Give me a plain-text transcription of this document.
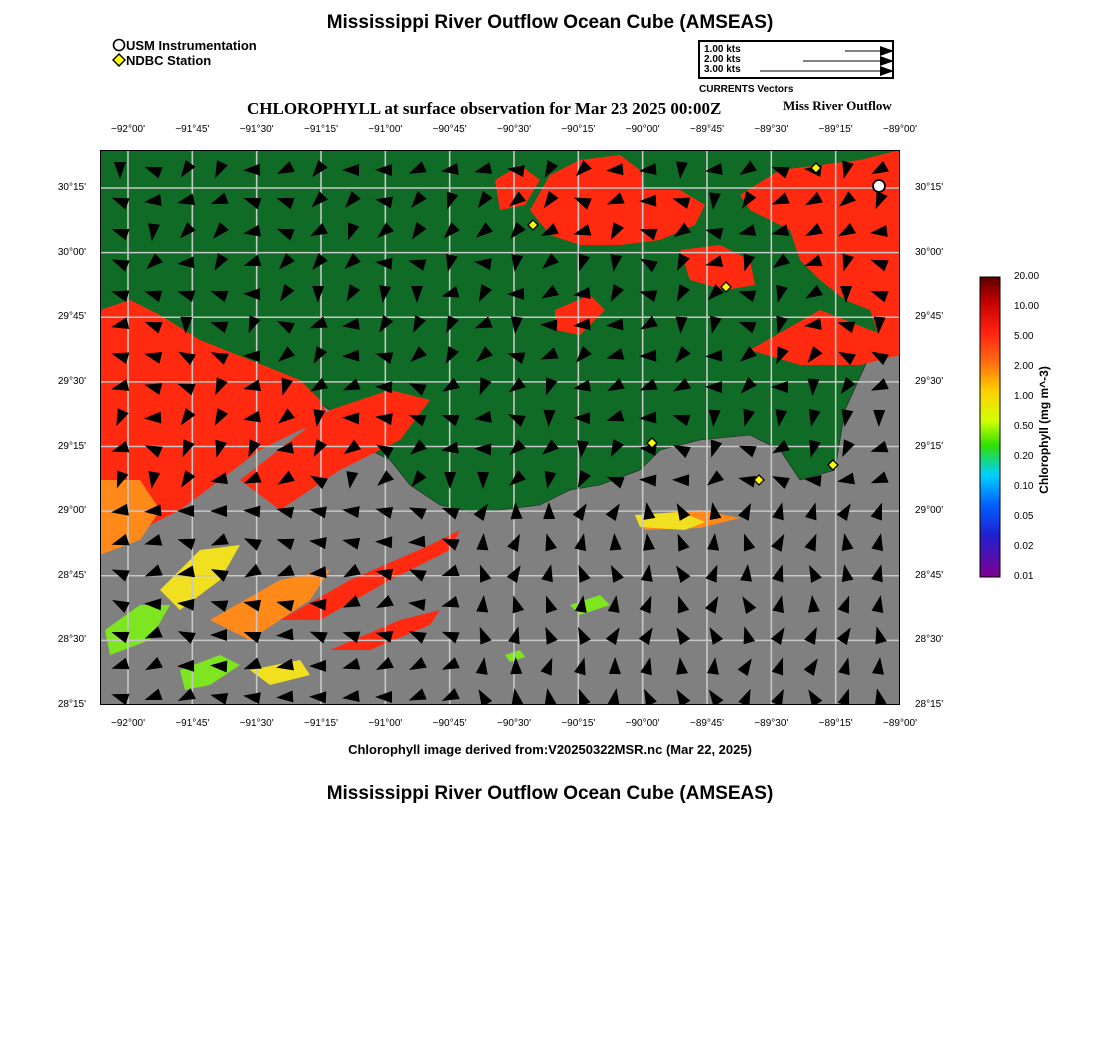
Mississippi River Outflow Ocean Cube (AMSEAS)
USM Instrumentation
NDBC Station
1.00 kts
2.00 kts
3.00 kts
CURRENTS Vectors
CHLOROPHYLL at surface observation for Mar 23 2025 00:00Z	Miss River Outflow
−92°00'	−91°45'	−91°30'	−91°15'	−91°00'	−90°45'	−90°30'	−90°15'	−90°00'	−89°45'	−89°30'	−89°15'	−89°00'
−92°00'	−91°45'	−91°30'	−91°15'	−91°00'	−90°45'	−90°30'	−90°15'	−90°00'	−89°45'	−89°30'	−89°15'	−89°00'
30°15'
30°00'
29°45'
29°30'
29°15'
29°00'
28°45'
28°30'
28°15'
30°15'
30°00'
29°45'
29°30'
29°15'
29°00'
28°45'
28°30'
28°15'
20.00
10.00
5.00
2.00
1.00
0.50
0.20
0.10
0.05
0.02
0.01
Chlorophyll (mg m^-3)
Chlorophyll image derived from:V20250322MSR.nc (Mar 22, 2025)
Mississippi River Outflow Ocean Cube (AMSEAS)
